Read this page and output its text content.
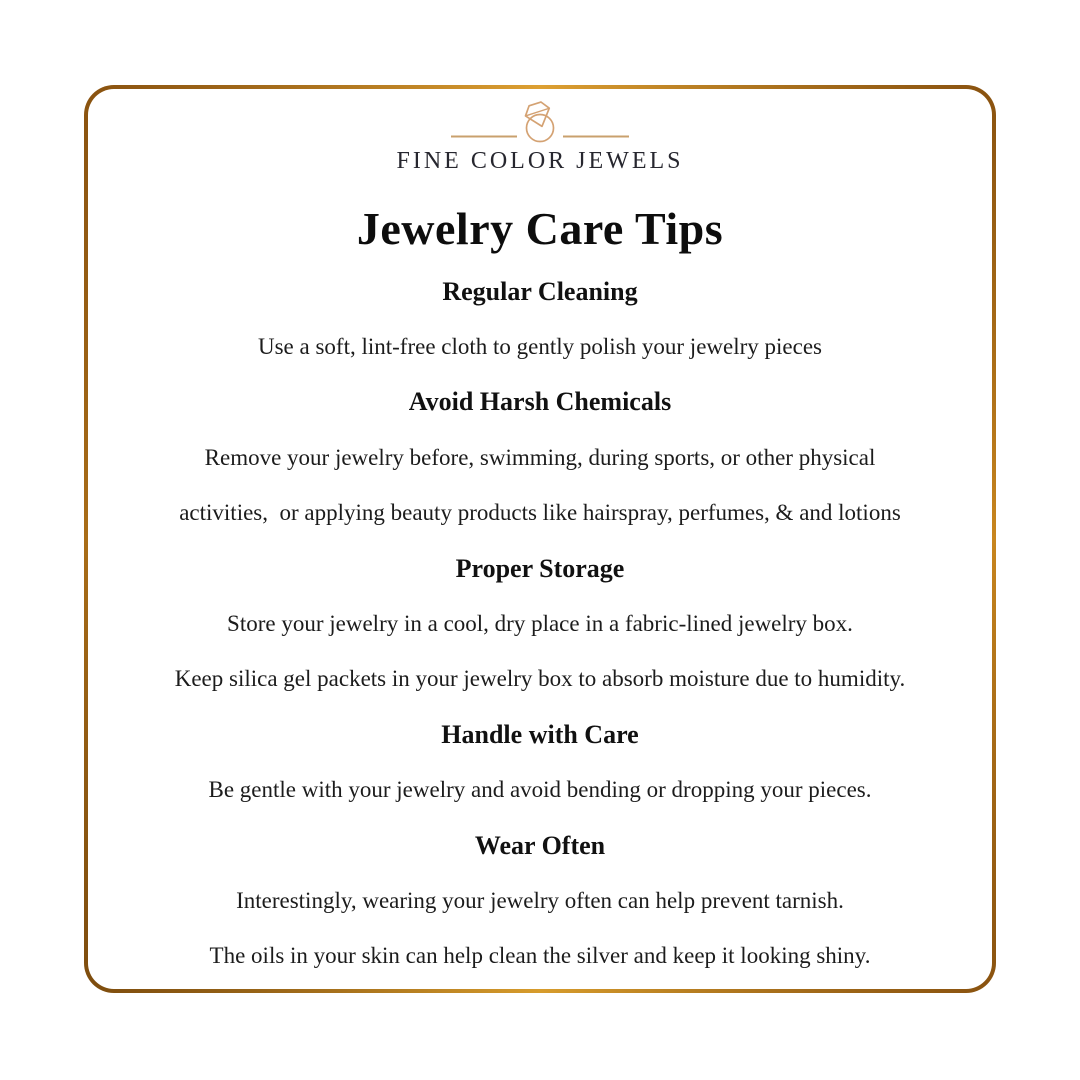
FINE COLOR JEWELS
Jewelry Care Tips
Regular Cleaning

Use a soft, lint-free cloth to gently polish your jewelry pieces

Avoid Harsh Chemicals

Remove your jewelry before, swimming, during sports, or other physical

activities,  or applying beauty products like hairspray, perfumes, & and lotions

Proper Storage

Store your jewelry in a cool, dry place in a fabric-lined jewelry box.

Keep silica gel packets in your jewelry box to absorb moisture due to humidity.

Handle with Care

Be gentle with your jewelry and avoid bending or dropping your pieces.

Wear Often

Interestingly, wearing your jewelry often can help prevent tarnish.

The oils in your skin can help clean the silver and keep it looking shiny.
